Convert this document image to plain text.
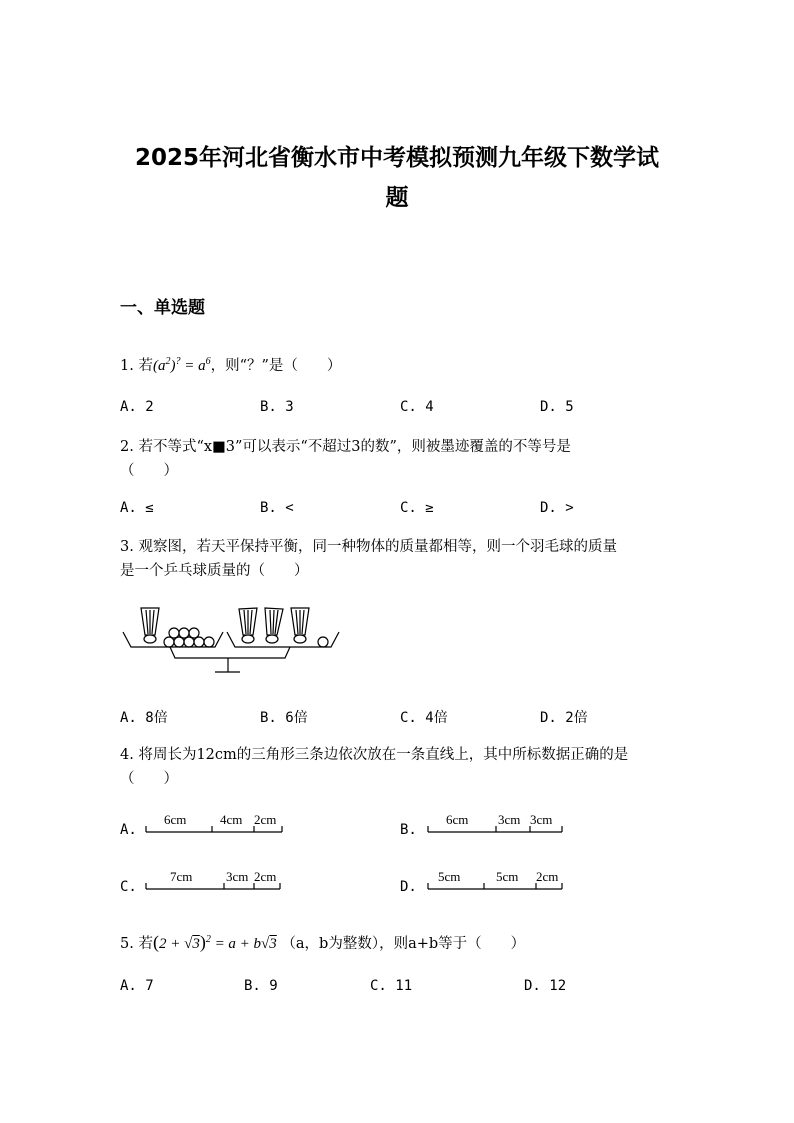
2025年河北省衡水市中考模拟预测九年级下数学试
题
一、单选题
1. 若$(a^2)^? = a^6$，则“？”是（　　）
A. 2	B. 3	C. 4	D. 5
2. 若不等式“x■3”可以表示“不超过3的数”，则被墨迹覆盖的不等号是
（　　）
A. ≤	B. <	C. ≥	D. >
3. 观察图，若天平保持平衡，同一种物体的质量都相等，则一个羽毛球的质量
是一个乒乓球质量的（　　）
A. 8倍	B. 6倍	C. 4倍	D. 2倍
4. 将周长为12cm的三角形三条边依次放在一条直线上，其中所标数据正确的是
（　　）
A.
6cm	4cm 2cm
B.
6cm 3cm 3cm
C.
7cm	3cm 2cm
D.
5cm	5cm 2cm
5. 若$(2 + √3)^2 = a + b√3$ （a，b为整数），则a+b等于（　　）
A. 7	B. 9	C. 11	D. 12
